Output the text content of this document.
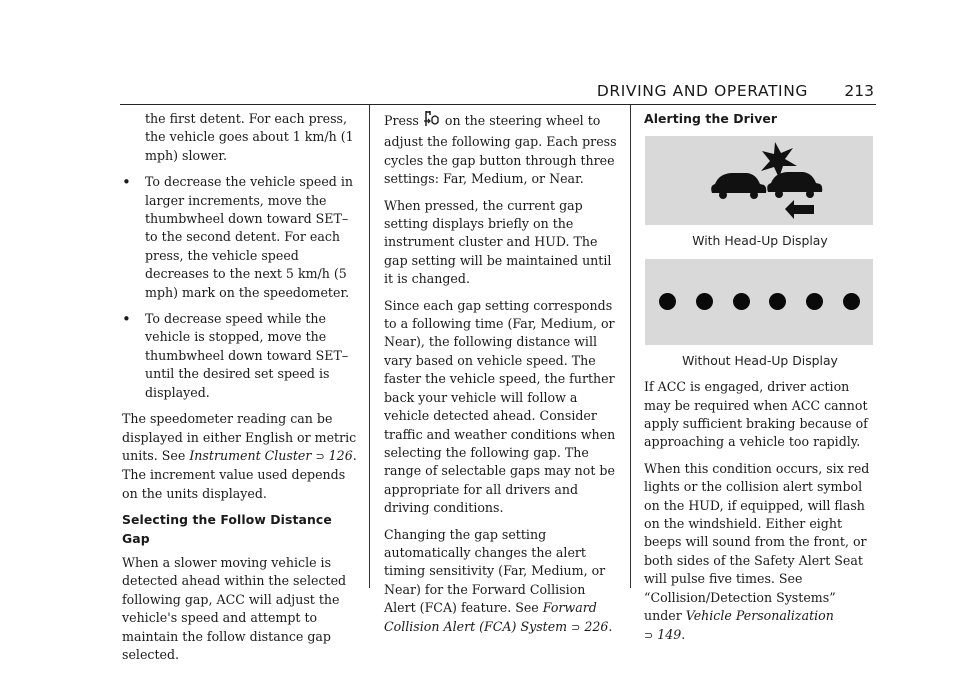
DRIVING AND OPERATING 213

the first detent. For each press, the vehicle goes about 1 km/h (1 mph) slower.

• To decrease the vehicle speed in larger increments, move the thumbwheel down toward SET– to the second detent. For each press, the vehicle speed decreases to the next 5 km/h (5 mph) mark on the speedometer.

• To decrease speed while the vehicle is stopped, move the thumbwheel down toward SET– until the desired set speed is displayed.

The speedometer reading can be displayed in either English or metric units. See Instrument Cluster ⊃ 126. The increment value used depends on the units displayed.

Selecting the Follow Distance Gap

When a slower moving vehicle is detected ahead within the selected following gap, ACC will adjust the vehicle's speed and attempt to maintain the follow distance gap selected.

Press  on the steering wheel to adjust the following gap. Each press cycles the gap button through three settings: Far, Medium, or Near.

When pressed, the current gap setting displays briefly on the instrument cluster and HUD. The gap setting will be maintained until it is changed.

Since each gap setting corresponds to a following time (Far, Medium, or Near), the following distance will vary based on vehicle speed. The faster the vehicle speed, the further back your vehicle will follow a vehicle detected ahead. Consider traffic and weather conditions when selecting the following gap. The range of selectable gaps may not be appropriate for all drivers and driving conditions.

Changing the gap setting automatically changes the alert timing sensitivity (Far, Medium, or Near) for the Forward Collision Alert (FCA) feature. See Forward Collision Alert (FCA) System ⊃ 226.

Alerting the Driver
With Head-Up Display
Without Head-Up Display

If ACC is engaged, driver action may be required when ACC cannot apply sufficient braking because of approaching a vehicle too rapidly.

When this condition occurs, six red lights or the collision alert symbol on the HUD, if equipped, will flash on the windshield. Either eight beeps will sound from the front, or both sides of the Safety Alert Seat will pulse five times. See “Collision/Detection Systems” under Vehicle Personalization ⊃ 149.
